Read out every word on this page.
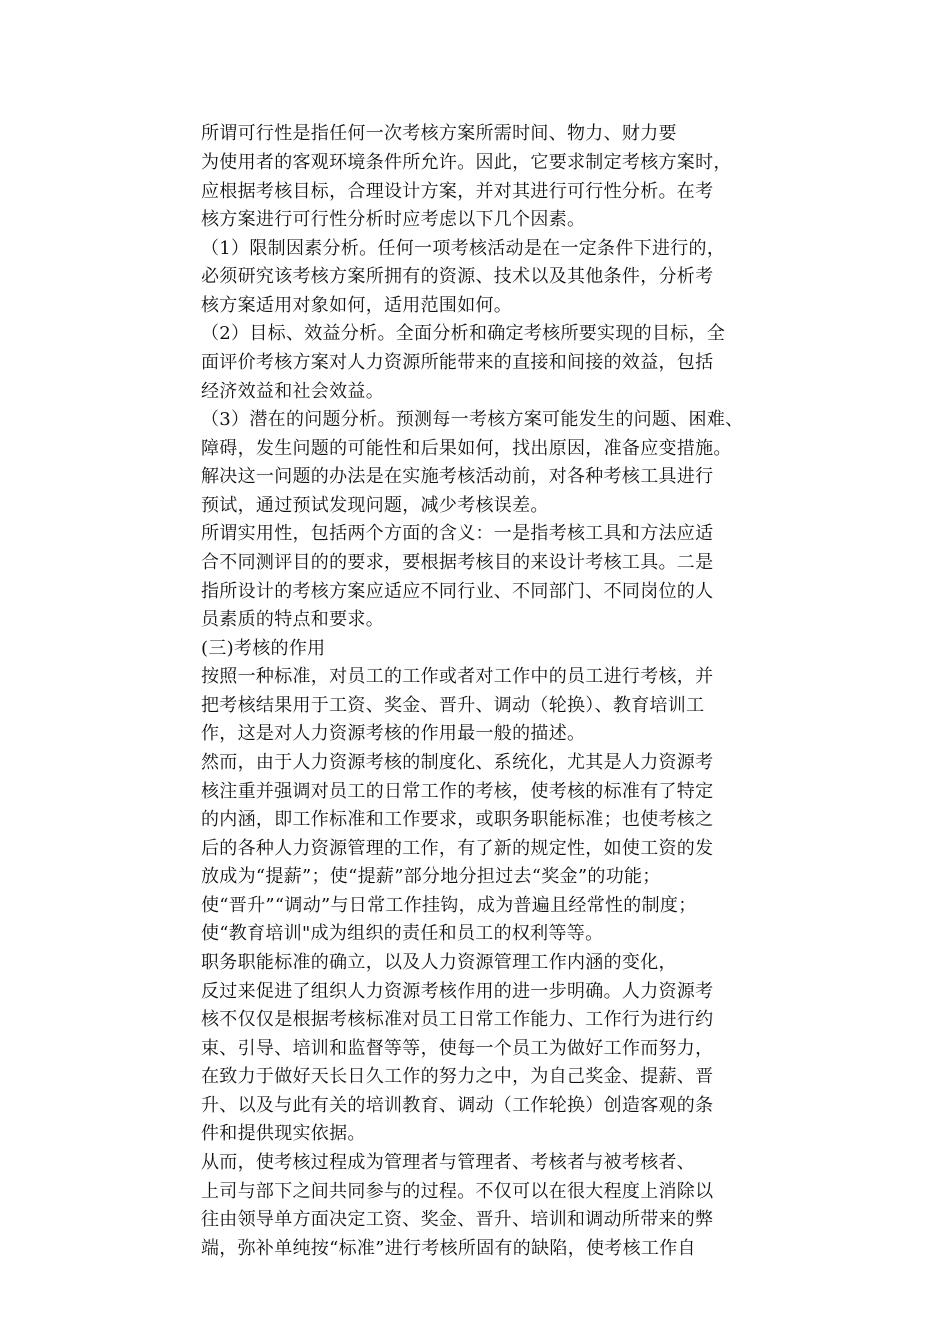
所谓可行性是指任何一次考核方案所需时间、物力、财力要
为使用者的客观环境条件所允许。因此，它要求制定考核方案时，
应根据考核目标，合理设计方案，并对其进行可行性分析。在考
核方案进行可行性分析时应考虑以下几个因素。
（1）限制因素分析。任何一项考核活动是在一定条件下进行的，
必须研究该考核方案所拥有的资源、技术以及其他条件，分析考
核方案适用对象如何，适用范围如何。
（2）目标、效益分析。全面分析和确定考核所要实现的目标，全
面评价考核方案对人力资源所能带来的直接和间接的效益，包括
经济效益和社会效益。
（3）潜在的问题分析。预测每一考核方案可能发生的问题、困难、
障碍，发生问题的可能性和后果如何，找出原因，准备应变措施。
解决这一问题的办法是在实施考核活动前，对各种考核工具进行
预试，通过预试发现问题，减少考核误差。
所谓实用性，包括两个方面的含义：一是指考核工具和方法应适
合不同测评目的的要求，要根据考核目的来设计考核工具。二是
指所设计的考核方案应适应不同行业、不同部门、不同岗位的人
员素质的特点和要求。
(三)考核的作用
按照一种标准，对员工的工作或者对工作中的员工进行考核，并
把考核结果用于工资、奖金、晋升、调动（轮换）、教育培训工
作，这是对人力资源考核的作用最一般的描述。
然而，由于人力资源考核的制度化、系统化，尤其是人力资源考
核注重并强调对员工的日常工作的考核，使考核的标准有了特定
的内涵，即工作标准和工作要求，或职务职能标准；也使考核之
后的各种人力资源管理的工作，有了新的规定性，如使工资的发
放成为“提薪”；使“提薪”部分地分担过去“奖金”的功能；
使“晋升”“调动”与日常工作挂钩，成为普遍且经常性的制度；
使“教育培训"成为组织的责任和员工的权利等等。
职务职能标准的确立，以及人力资源管理工作内涵的变化，
反过来促进了组织人力资源考核作用的进一步明确。人力资源考
核不仅仅是根据考核标准对员工日常工作能力、工作行为进行约
束、引导、培训和监督等等，使每一个员工为做好工作而努力，
在致力于做好天长日久工作的努力之中，为自己奖金、提薪、晋
升、以及与此有关的培训教育、调动（工作轮换）创造客观的条
件和提供现实依据。
从而，使考核过程成为管理者与管理者、考核者与被考核者、
上司与部下之间共同参与的过程。不仅可以在很大程度上消除以
往由领导单方面决定工资、奖金、晋升、培训和调动所带来的弊
端，弥补单纯按“标准”进行考核所固有的缺陷，使考核工作自
